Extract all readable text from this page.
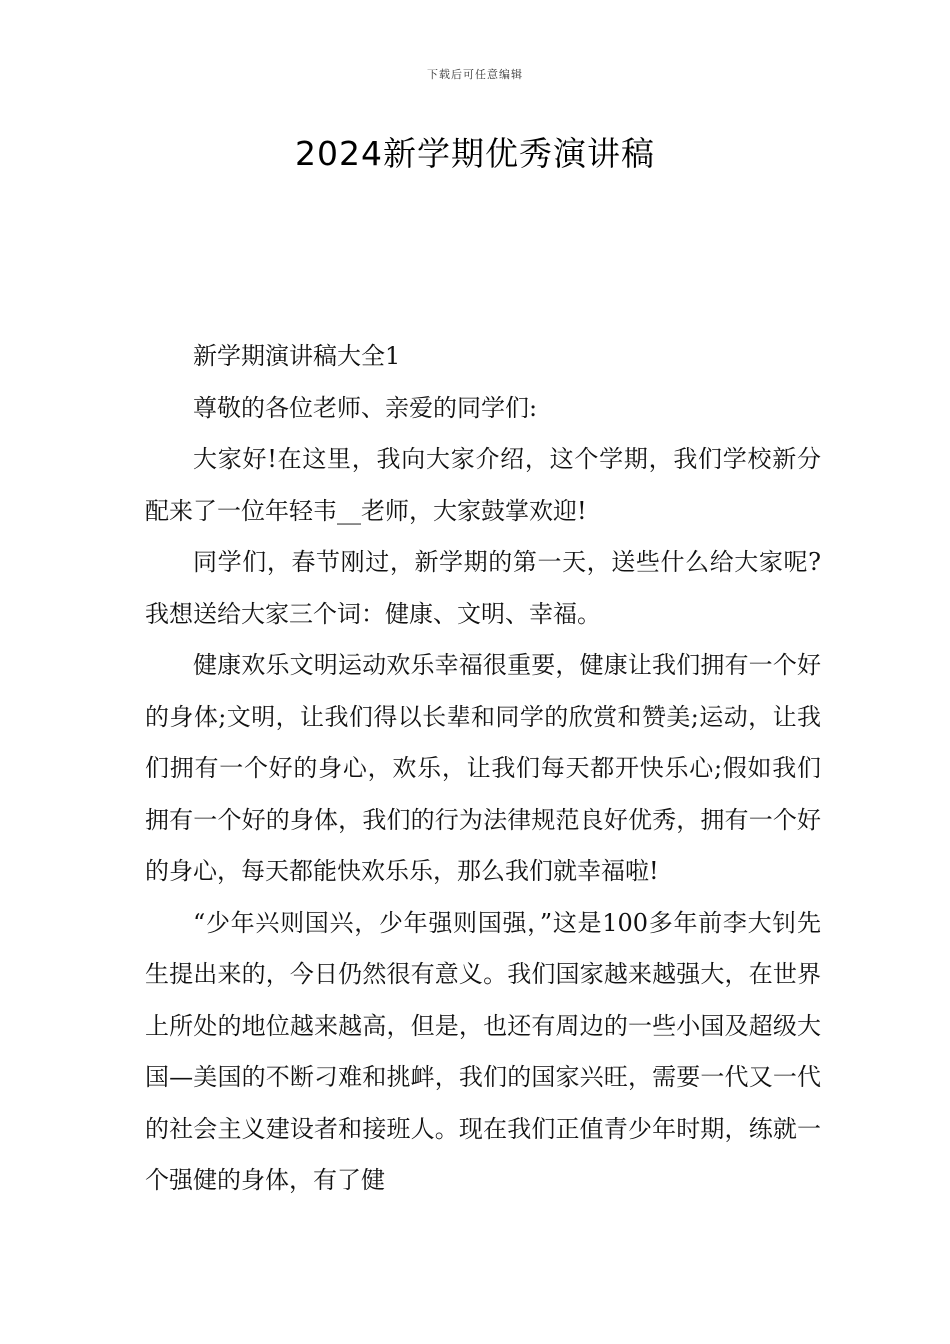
下载后可任意编辑
2024新学期优秀演讲稿

新学期演讲稿大全1

尊敬的各位老师、亲爱的同学们:

大家好!在这里，我向大家介绍，这个学期，我们学校新分配来了一位年轻韦__老师，大家鼓掌欢迎!

同学们，春节刚过，新学期的第一天，送些什么给大家呢?我想送给大家三个词：健康、文明、幸福。

健康欢乐文明运动欢乐幸福很重要，健康让我们拥有一个好的身体;文明，让我们得以长辈和同学的欣赏和赞美;运动，让我们拥有一个好的身心，欢乐，让我们每天都开快乐心;假如我们拥有一个好的身体，我们的行为法律规范良好优秀，拥有一个好的身心，每天都能快欢乐乐，那么我们就幸福啦!

“少年兴则国兴，少年强则国强，”这是100多年前李大钊先生提出来的，今日仍然很有意义。我们国家越来越强大，在世界上所处的地位越来越高，但是，也还有周边的一些小国及超级大国—美国的不断刁难和挑衅，我们的国家兴旺，需要一代又一代的社会主义建设者和接班人。现在我们正值青少年时期，练就一个强健的身体，有了健
